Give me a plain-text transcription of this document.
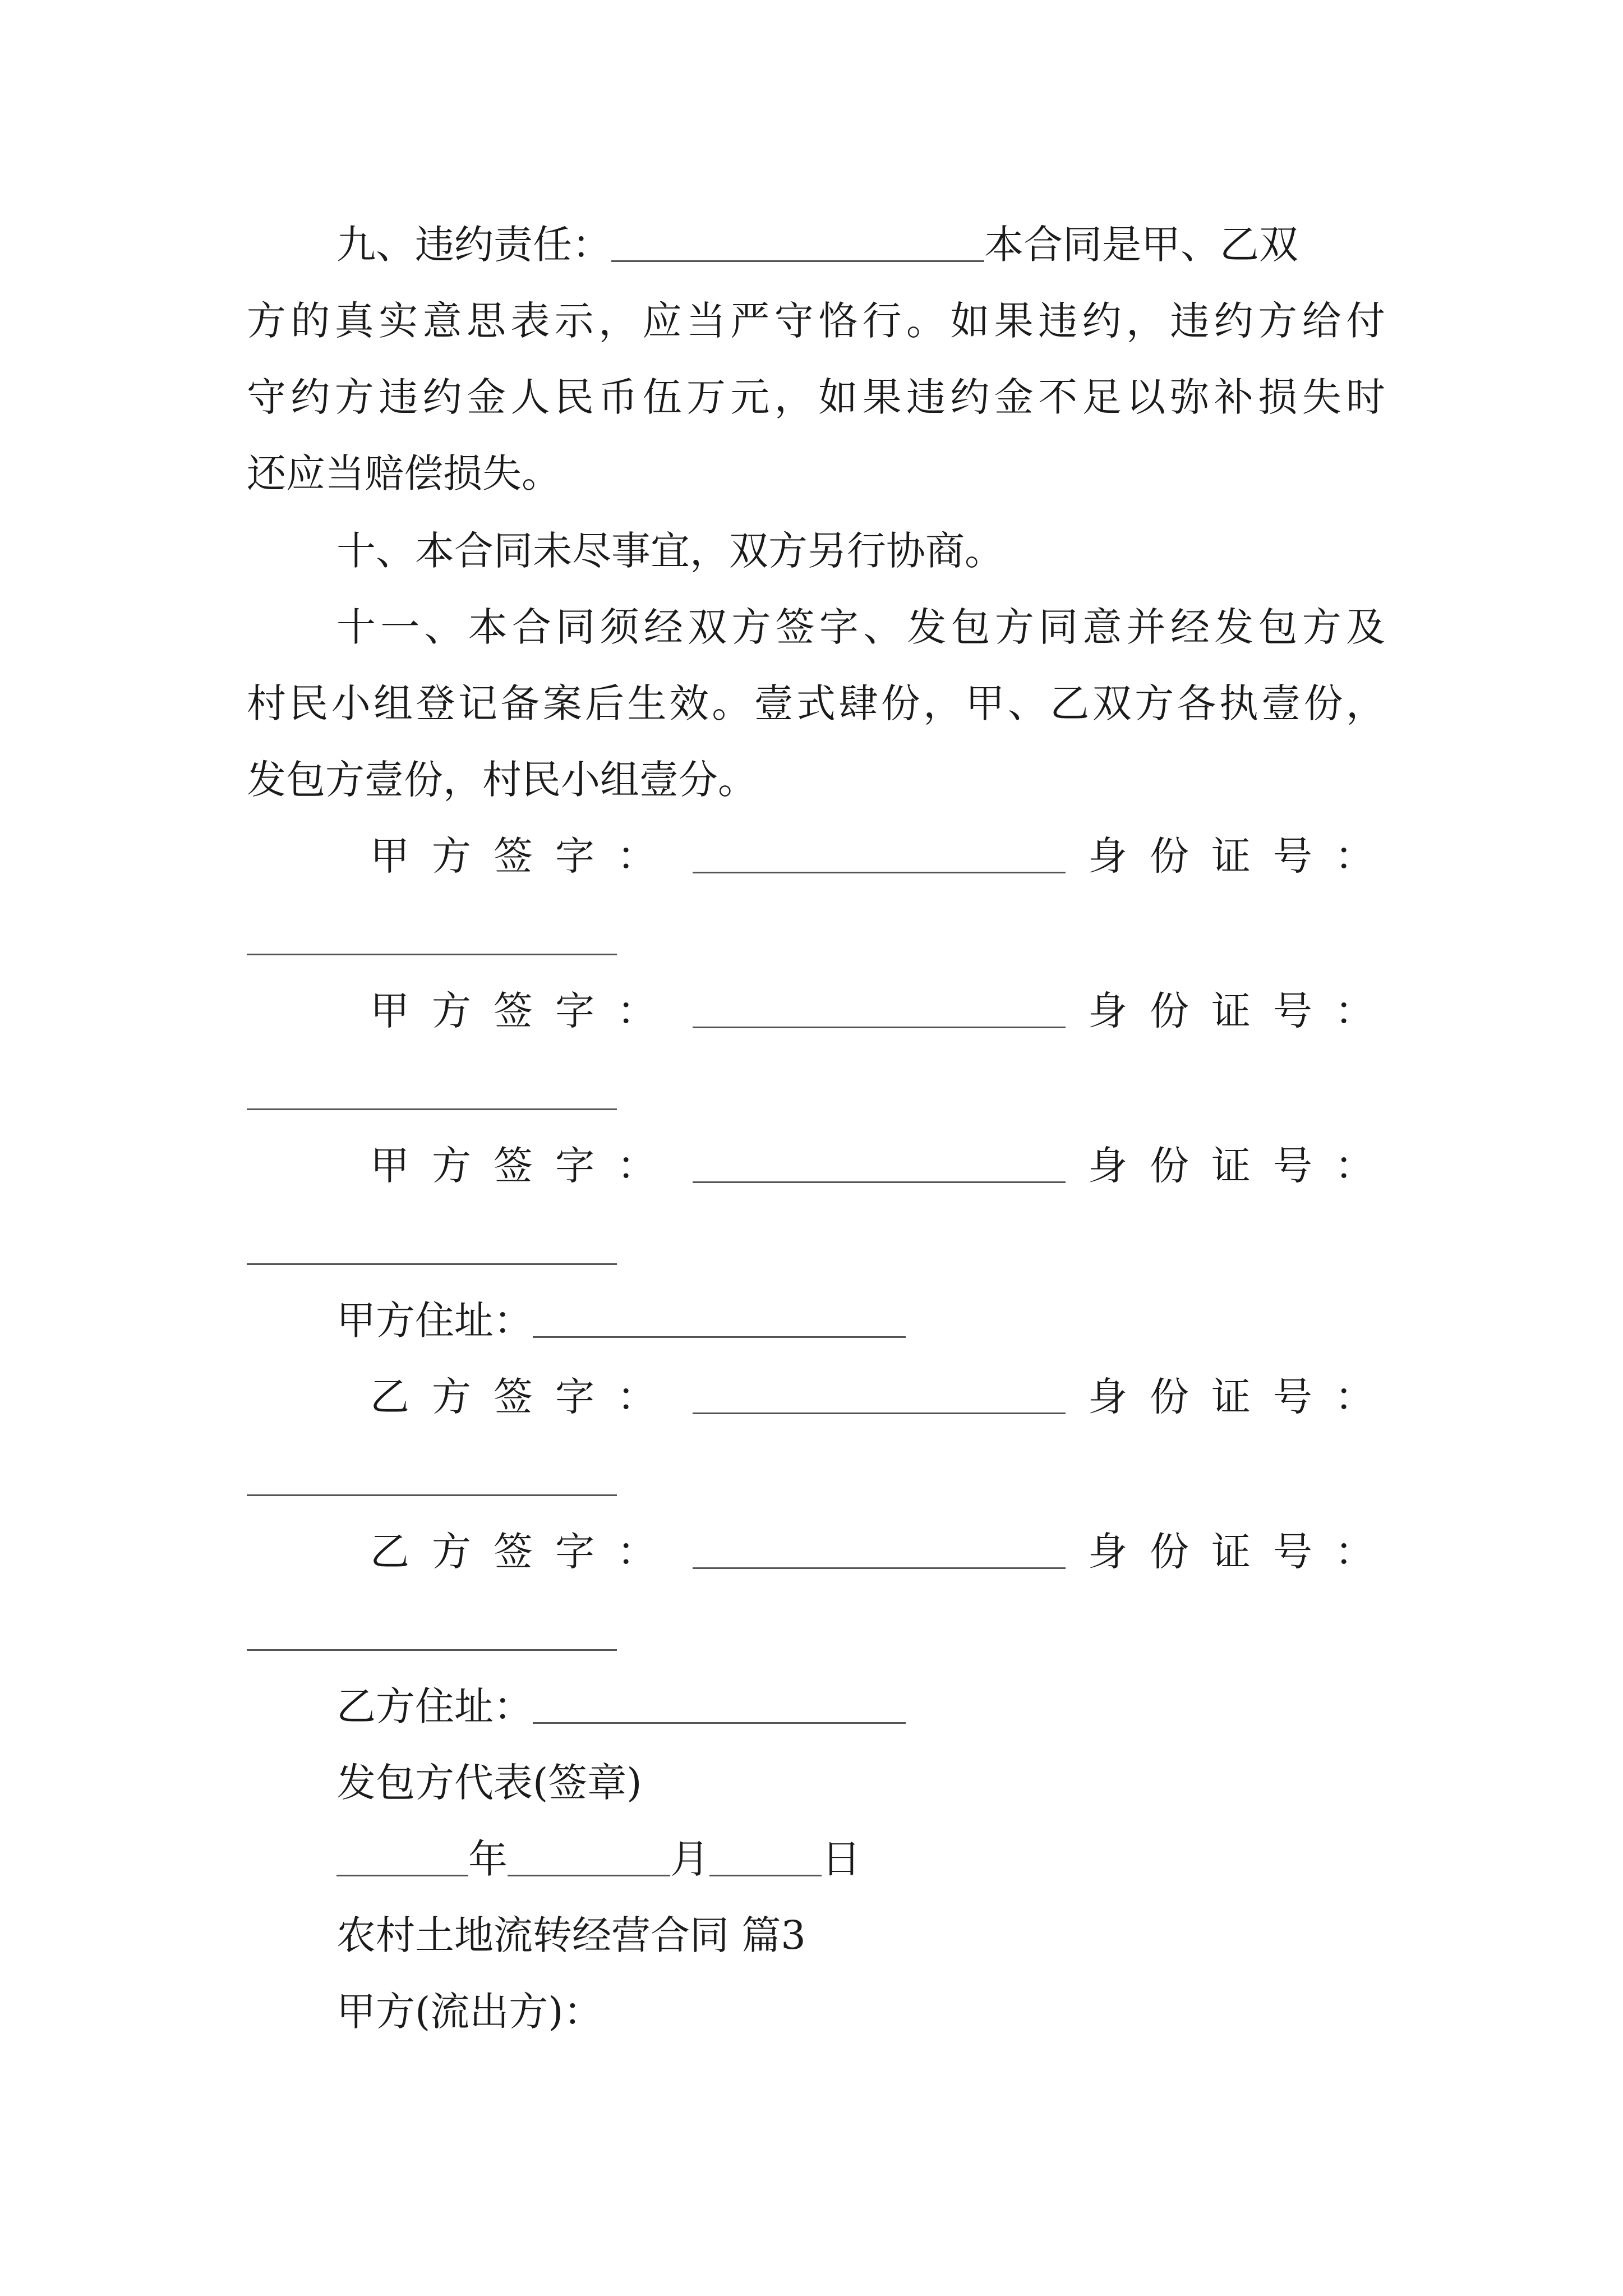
九、违约责任：	本合同是甲、乙双
方的真实意思表示，应当严守恪行。如果违约，违约方给付
守约方违约金人民币伍万元，如果违约金不足以弥补损失时
还应当赔偿损失。
十、本合同未尽事宜，双方另行协商。
十一、本合同须经双方签字、发包方同意并经发包方及
村民小组登记备案后生效。壹式肆份，甲、乙双方各执壹份，
发包方壹份，村民小组壹分。
甲方签字：	身份证号：
甲方签字：	身份证号：
甲方签字：	身份证号：
甲方住址：
乙方签字：	身份证号：
乙方签字：	身份证号：
乙方住址：
发包方代表(签章)
年	月	日
农村土地流转经营合同 篇3
甲方(流出方)：
